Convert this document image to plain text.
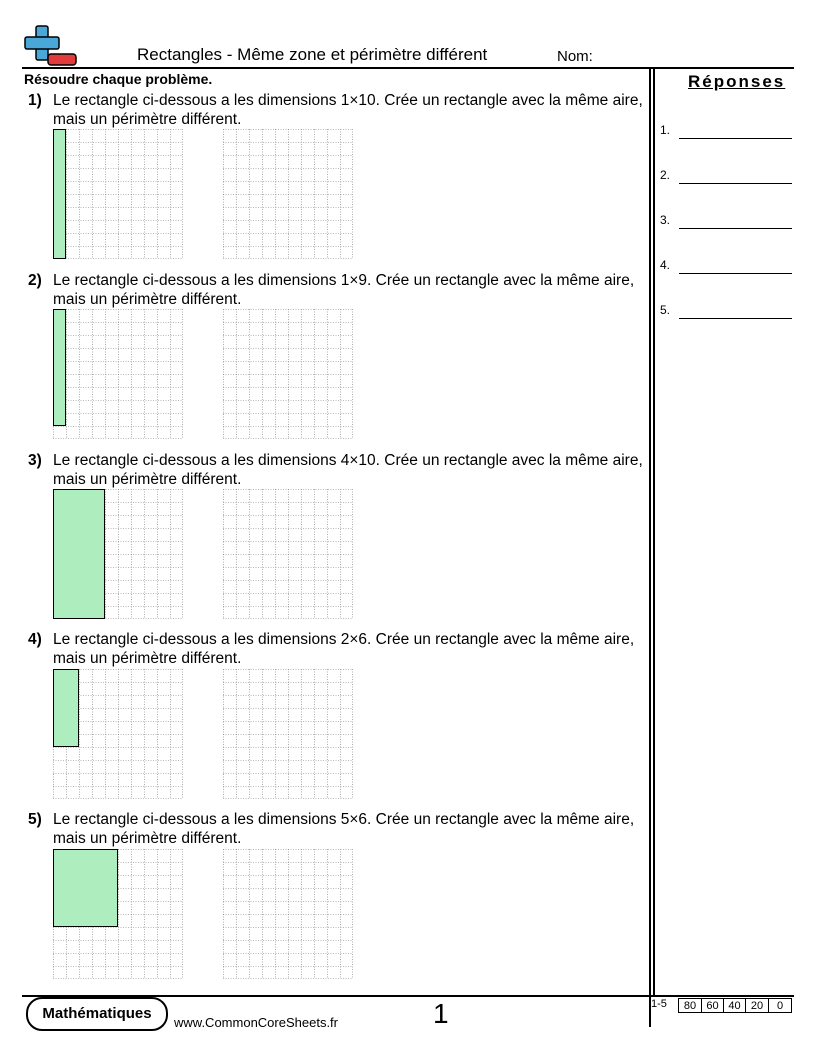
Rectangles - Même zone et périmètre différent	Nom:
Résoudre chaque problème.
1) Le rectangle ci-dessous a les dimensions 1×10. Crée un rectangle avec la même aire, mais un périmètre différent.
2) Le rectangle ci-dessous a les dimensions 1×9. Crée un rectangle avec la même aire, mais un périmètre différent.
3) Le rectangle ci-dessous a les dimensions 4×10. Crée un rectangle avec la même aire, mais un périmètre différent.
4) Le rectangle ci-dessous a les dimensions 2×6. Crée un rectangle avec la même aire, mais un périmètre différent.
5) Le rectangle ci-dessous a les dimensions 5×6. Crée un rectangle avec la même aire, mais un périmètre différent.
Réponses
1.
2.
3.
4.
5.
Mathématiques
www.CommonCoreSheets.fr	1	1-5	80 60 40 20	0
